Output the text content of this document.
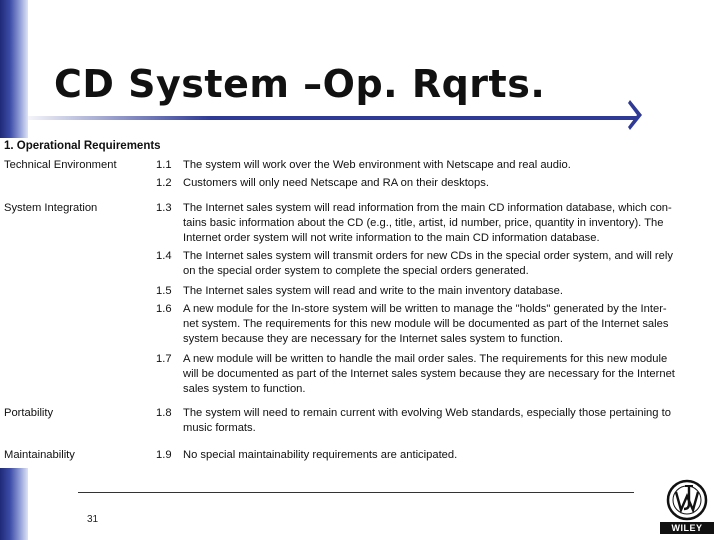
CD System –Op. Rqrts.
1. Operational Requirements
Technical Environment	1.1 The system will work over the Web environment with Netscape and real audio.
1.2 Customers will only need Netscape and RA on their desktops.
System Integration	1.3 The Internet sales system will read information from the main CD information database, which con-
tains basic information about the CD (e.g., title, artist, id number, price, quantity in inventory). The
Internet order system will not write information to the main CD information database.
1.4 The Internet sales system will transmit orders for new CDs in the special order system, and will rely
on the special order system to complete the special orders generated.
1.5 The Internet sales system will read and write to the main inventory database.
1.6 A new module for the In-store system will be written to manage the "holds" generated by the Inter-
net system. The requirements for this new module will be documented as part of the Internet sales
system because they are necessary for the Internet sales system to function.
1.7 A new module will be written to handle the mail order sales. The requirements for this new module
will be documented as part of the Internet sales system because they are necessary for the Internet
sales system to function.
Portability	1.8 The system will need to remain current with evolving Web standards, especially those pertaining to
music formats.
Maintainability	1.9 No special maintainability requirements are anticipated.
31
WILEY
